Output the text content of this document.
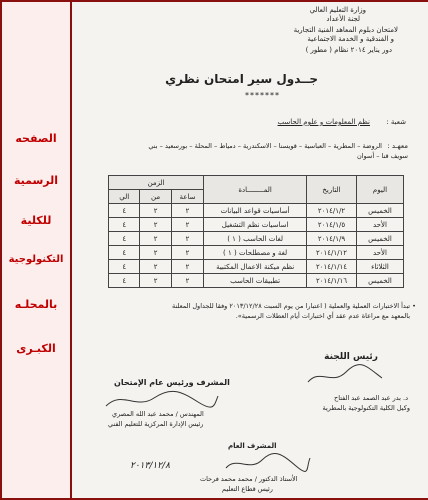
الصفحه
الرسمية
للكلية
التكنولوجية
بالمحلـه
الكبـرى
وزارة التعليم العالي
لجنة الأعداد
لامتحان دبلوم المعاهد الفنية التجارية
و الفندقية و الخدمة الاجتماعية
دور يناير ٢٠١٤ نظام ( مطور )
جــدول سير امتحان نظري
*******
شعبة :
نظم المعلومات و علوم الحاسب
معهـد :
الروضة – المطرية – العباسية – قويسنا – الاسكندرية – دمياط – المحلة – بورسعيد – بني
سويف قنا – أسوان
اليوم	التاريخ	المــــــــادة	الزمن		
			ساعة	من	الي
الخميس	٢٠١٤/١/٢	أساسيات قواعد البيانات	٢	٢	٤
الأحد	٢٠١٤/١/٥	اساسيات نظم التشغيل	٢	٢	٤
الخميس	٢٠١٤/١/٩	لغات الحاسب ( ١ )	٢	٢	٤
الأحد	٢٠١٤/١/١٢	لغة و مصطلحات ( ١ )	٢	٢	٤
الثلاثاء	٢٠١٤/١/١٤	نظم ميكنة الاعمال المكتبية	٢	٢	٤
الخميس	٢٠١٤/١/١٦	تطبيقات الحاسب	٢	٢	٤
• تبدأ الاختبارات العملية والعملية ( اعتبارا من يوم السبت ٢٠١٣/١٢/٢٨ وفقا للجداول المعلنة
بالمعهد مع مراعاة عدم عقد أي اختبارات أيام العطلات الرسمية».
رئيس اللجنة
المشرف ورئيس عام الإمتحان
المهندس / محمد عبد الله المصري
رئيس الإدارة المركزية للتعليم الفني
د. بدر عبد الصمد عبد الفتاح
وكيل الكلية التكنولوجية بالمطرية
المشرف العام
الأستاذ الدكتور / محمد محمد فرحات
رئيس قطاع التعليم
٢٠١٣/١٢/٨
